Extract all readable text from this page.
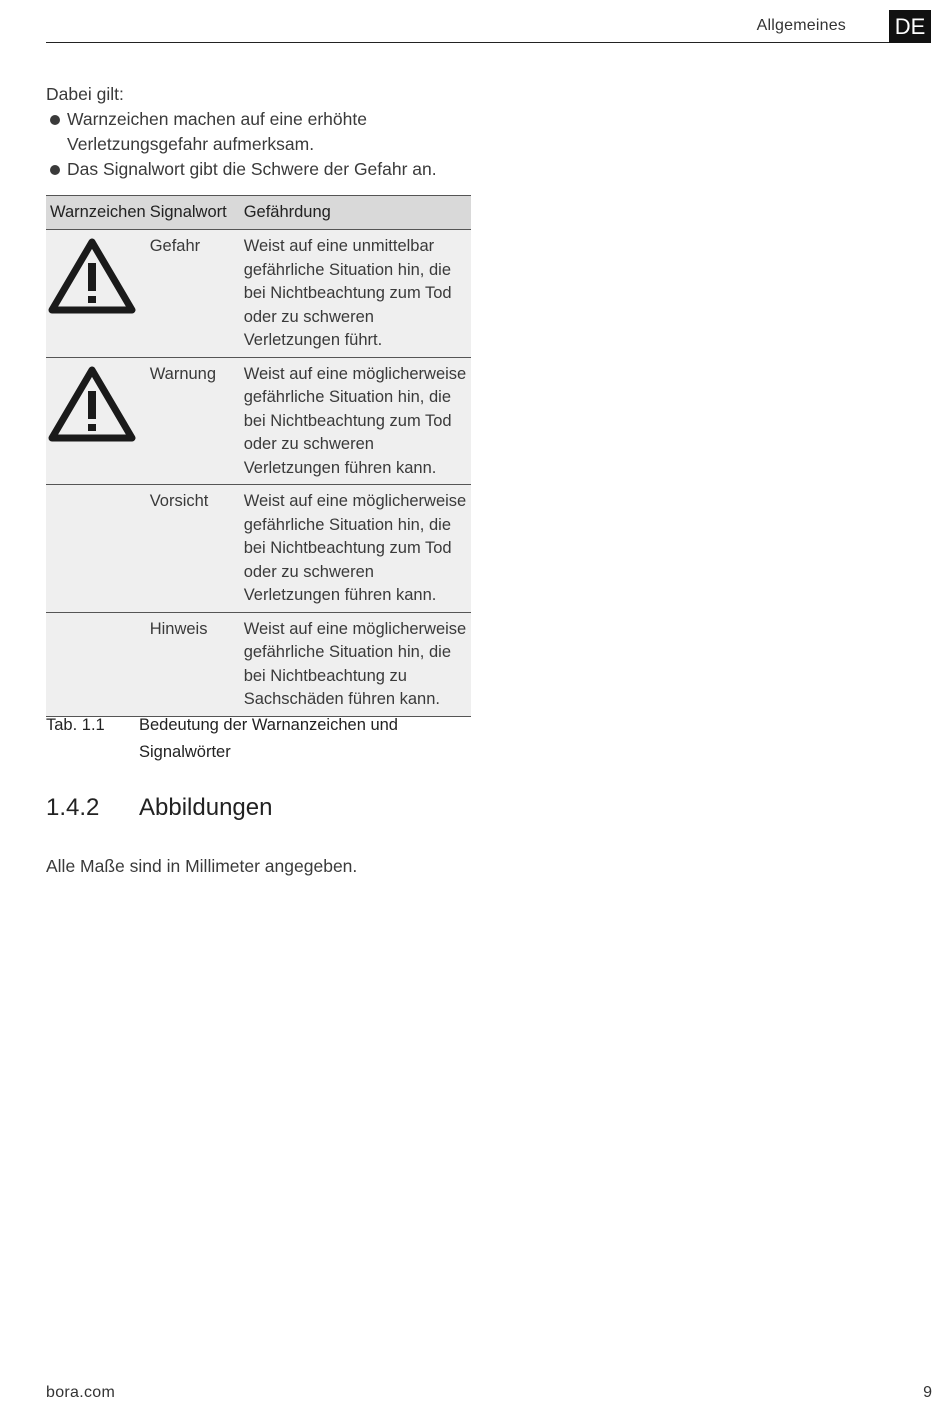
Allgemeines DE
Dabei gilt:
Warnzeichen machen auf eine erhöhte Verletzungsgefahr aufmerksam.
Das Signalwort gibt die Schwere der Gefahr an.
Warnzeichen	Signalwort	Gefährdung

	Gefahr	Weist auf eine unmittelbar gefährliche Situation hin, die bei Nichtbeachtung zum Tod oder zu schweren Verletzungen führt.

	Warnung	Weist auf eine möglicherweise gefährliche Situation hin, die bei Nichtbeachtung zum Tod oder zu schweren Verletzungen führen kann.
	Vorsicht	Weist auf eine möglicherweise gefährliche Situation hin, die bei Nichtbeachtung zum Tod oder zu schweren Verletzungen führen kann.
	Hinweis	Weist auf eine möglicherweise gefährliche Situation hin, die bei Nichtbeachtung zu Sachschäden führen kann.
Tab. 1.1 Bedeutung der Warnanzeichen und Signalwörter
1.4.2 Abbildungen
Alle Maße sind in Millimeter angegeben.
bora.com	9
